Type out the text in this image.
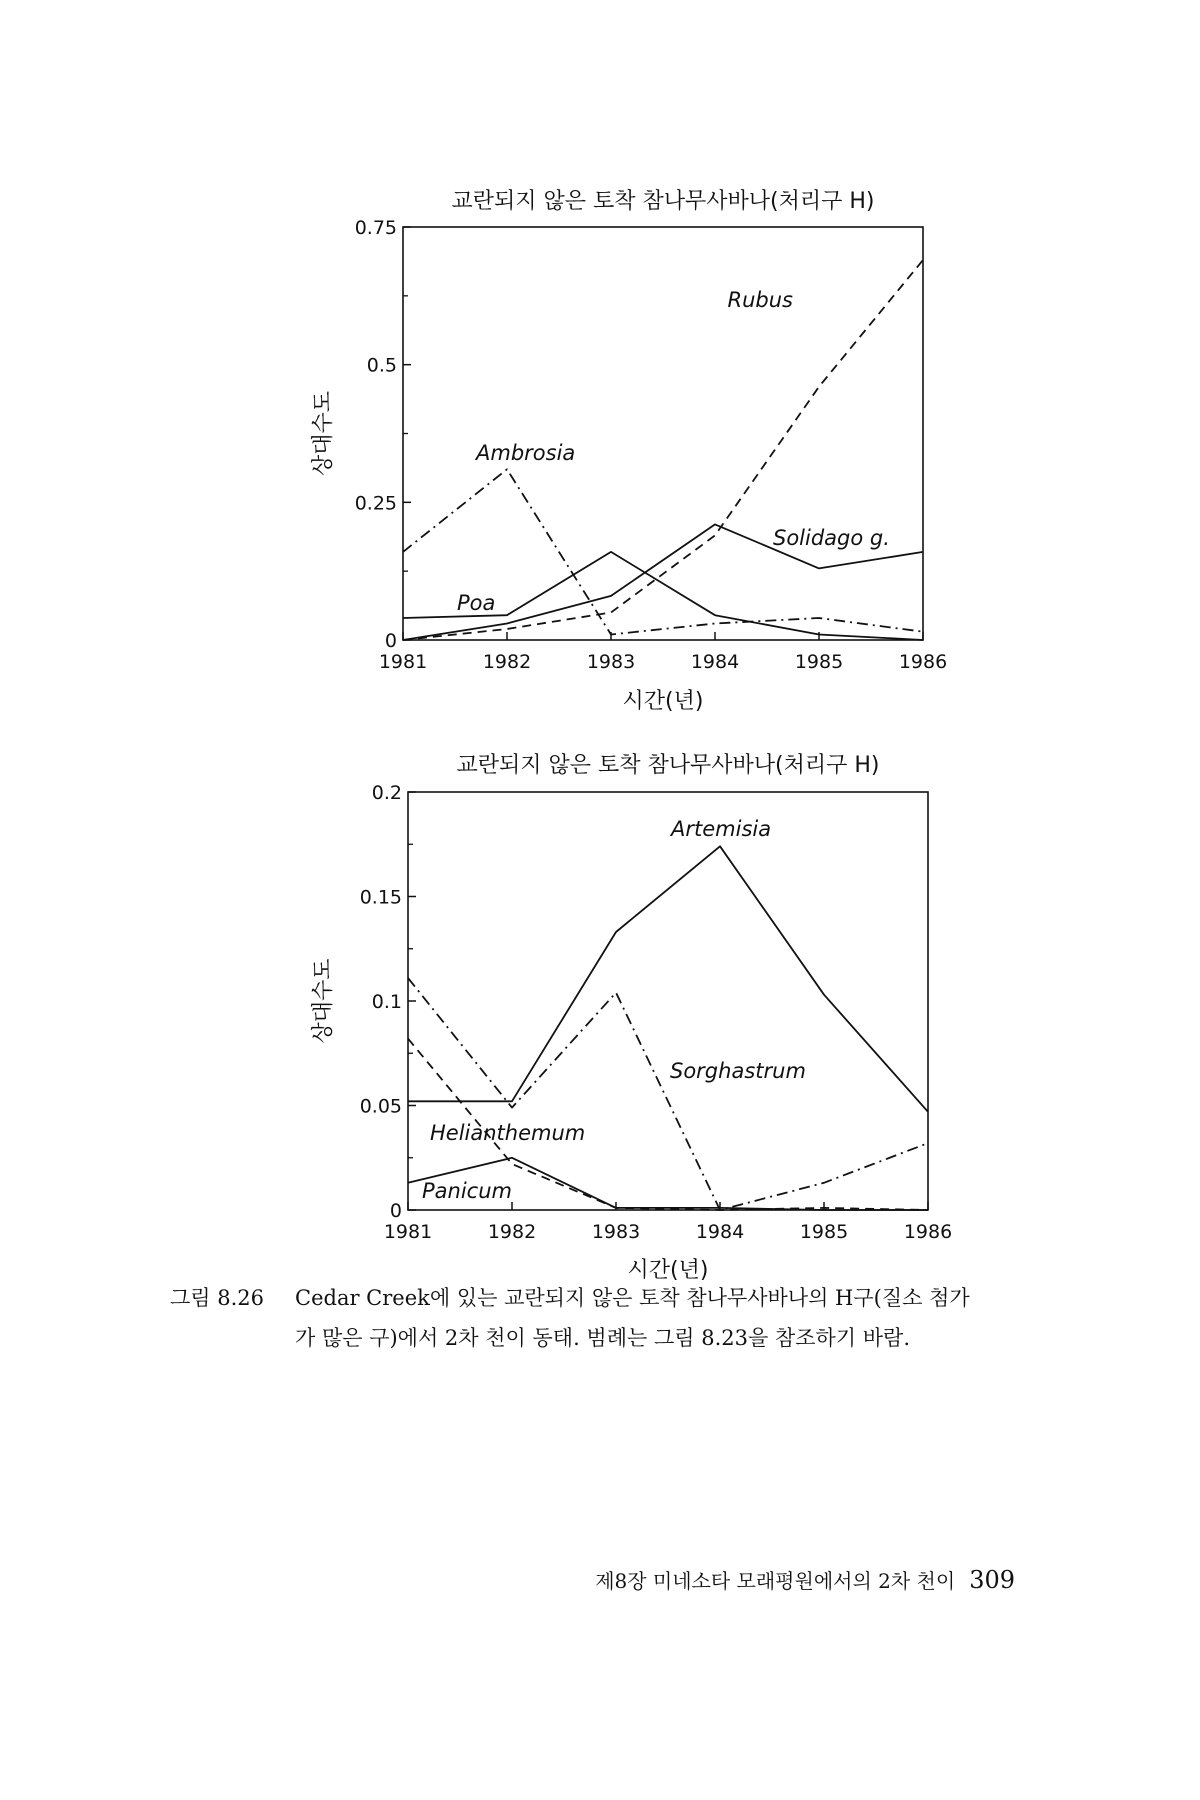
교란되지 않은 토착 참나무사바나(처리구 H)
0
0.25
0.5
0.75
1981	1982	1983	1984	1985	1986
시간(년)
상대수도
Rubus
Ambrosia
Solidago g.
Poa
교란되지 않은 토착 참나무사바나(처리구 H)
0
0.05
0.1
0.15
0.2
1981	1982	1983	1984	1985	1986
시간(년)
상대수도
Artemisia
Sorghastrum
Helianthemum
Panicum
그림 8.26 Cedar Creek에 있는 교란되지 않은 토착 참나무사바나의 H구(질소 첨가
가 많은 구)에서 2차 천이 동태. 범례는 그림 8.23을 참조하기 바람.
제8장 미네소타 모래평원에서의 2차 천이 309
